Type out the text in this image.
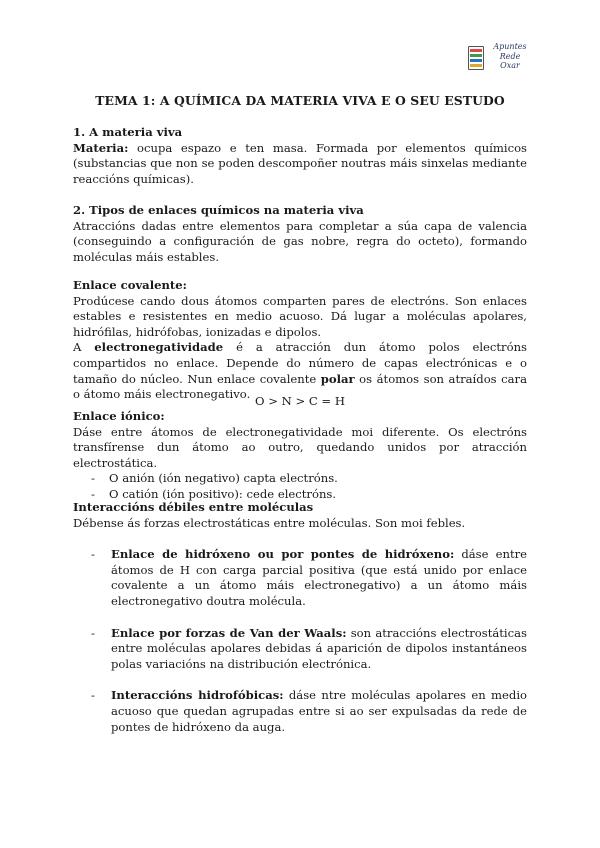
Apuntes
Rede
Oxar
TEMA 1: A QUÍMICA DA MATERIA VIVA E O SEU ESTUDO

1. A materia viva

Materia: ocupa espazo e ten masa. Formada por elementos químicos (substancias que non se poden descompoñer noutras máis sinxelas mediante reaccións químicas).

2. Tipos de enlaces químicos na materia viva

Atraccións dadas entre elementos para completar a súa capa de valencia (conseguindo a configuración de gas nobre, regra do octeto), formando moléculas máis estables.

Enlace covalente:

Prodúcese cando dous átomos comparten pares de electróns. Son enlaces estables e resistentes en medio acuoso. Dá lugar a moléculas apolares, hidrófilas, hidrófobas, ionizadas e dipolos.

A electronegatividade é a atracción dun átomo polos electróns compartidos no enlace. Depende do número de capas electrónicas e o tamaño do núcleo. Nun enlace covalente polar os átomos son atraídos cara o átomo máis electronegativo. O > N > C = H

Enlace iónico:

Dáse entre átomos de electronegatividade moi diferente. Os electróns transfírense dun átomo ao outro, quedando unidos por atracción electrostática.

- O anión (ión negativo) capta electróns.
- O catión (ión positivo): cede electróns.

Interaccións débiles entre moléculas

Débense ás forzas electrostáticas entre moléculas. Son moi febles.

- Enlace de hidróxeno ou por pontes de hidróxeno: dáse entre átomos de H con carga parcial positiva (que está unido por enlace covalente a un átomo máis electronegativo) a un átomo máis electronegativo doutra molécula.
- Enlace por forzas de Van der Waals: son atraccións electrostáticas entre moléculas apolares debidas á aparición de dipolos instantáneos polas variacións na distribución electrónica.
- Interaccións hidrofóbicas: dáse ntre moléculas apolares en medio acuoso que quedan agrupadas entre si ao ser expulsadas da rede de pontes de hidróxeno da auga.
